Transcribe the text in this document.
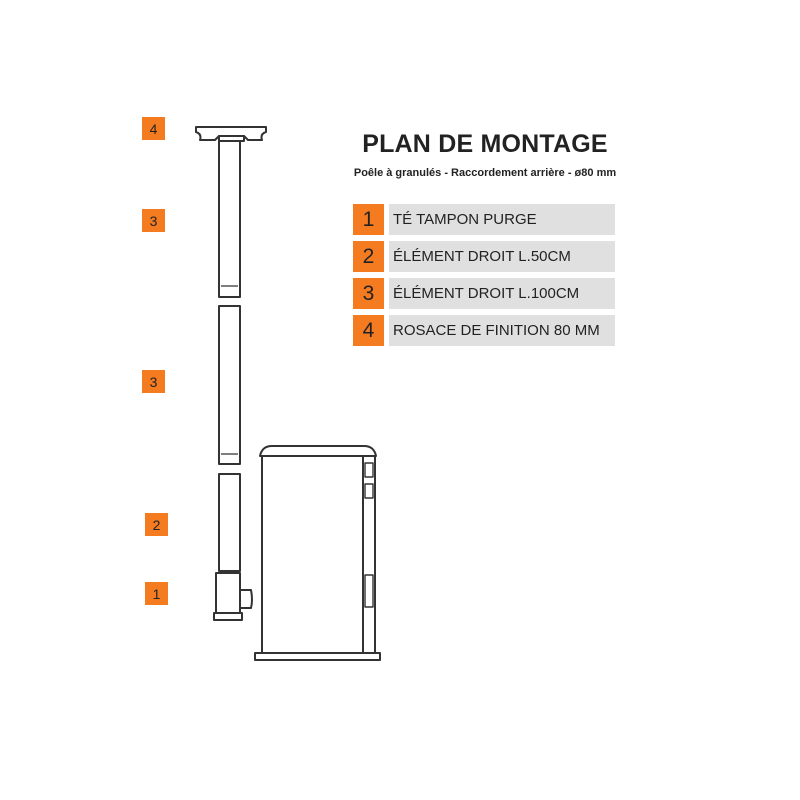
4
3
3
2
1
PLAN DE MONTAGE
Poêle à granulés - Raccordement arrière - ø80 mm
1	TÉ TAMPON PURGE
2	ÉLÉMENT DROIT L.50CM
3	ÉLÉMENT DROIT L.100CM
4	ROSACE DE FINITION 80 MM
